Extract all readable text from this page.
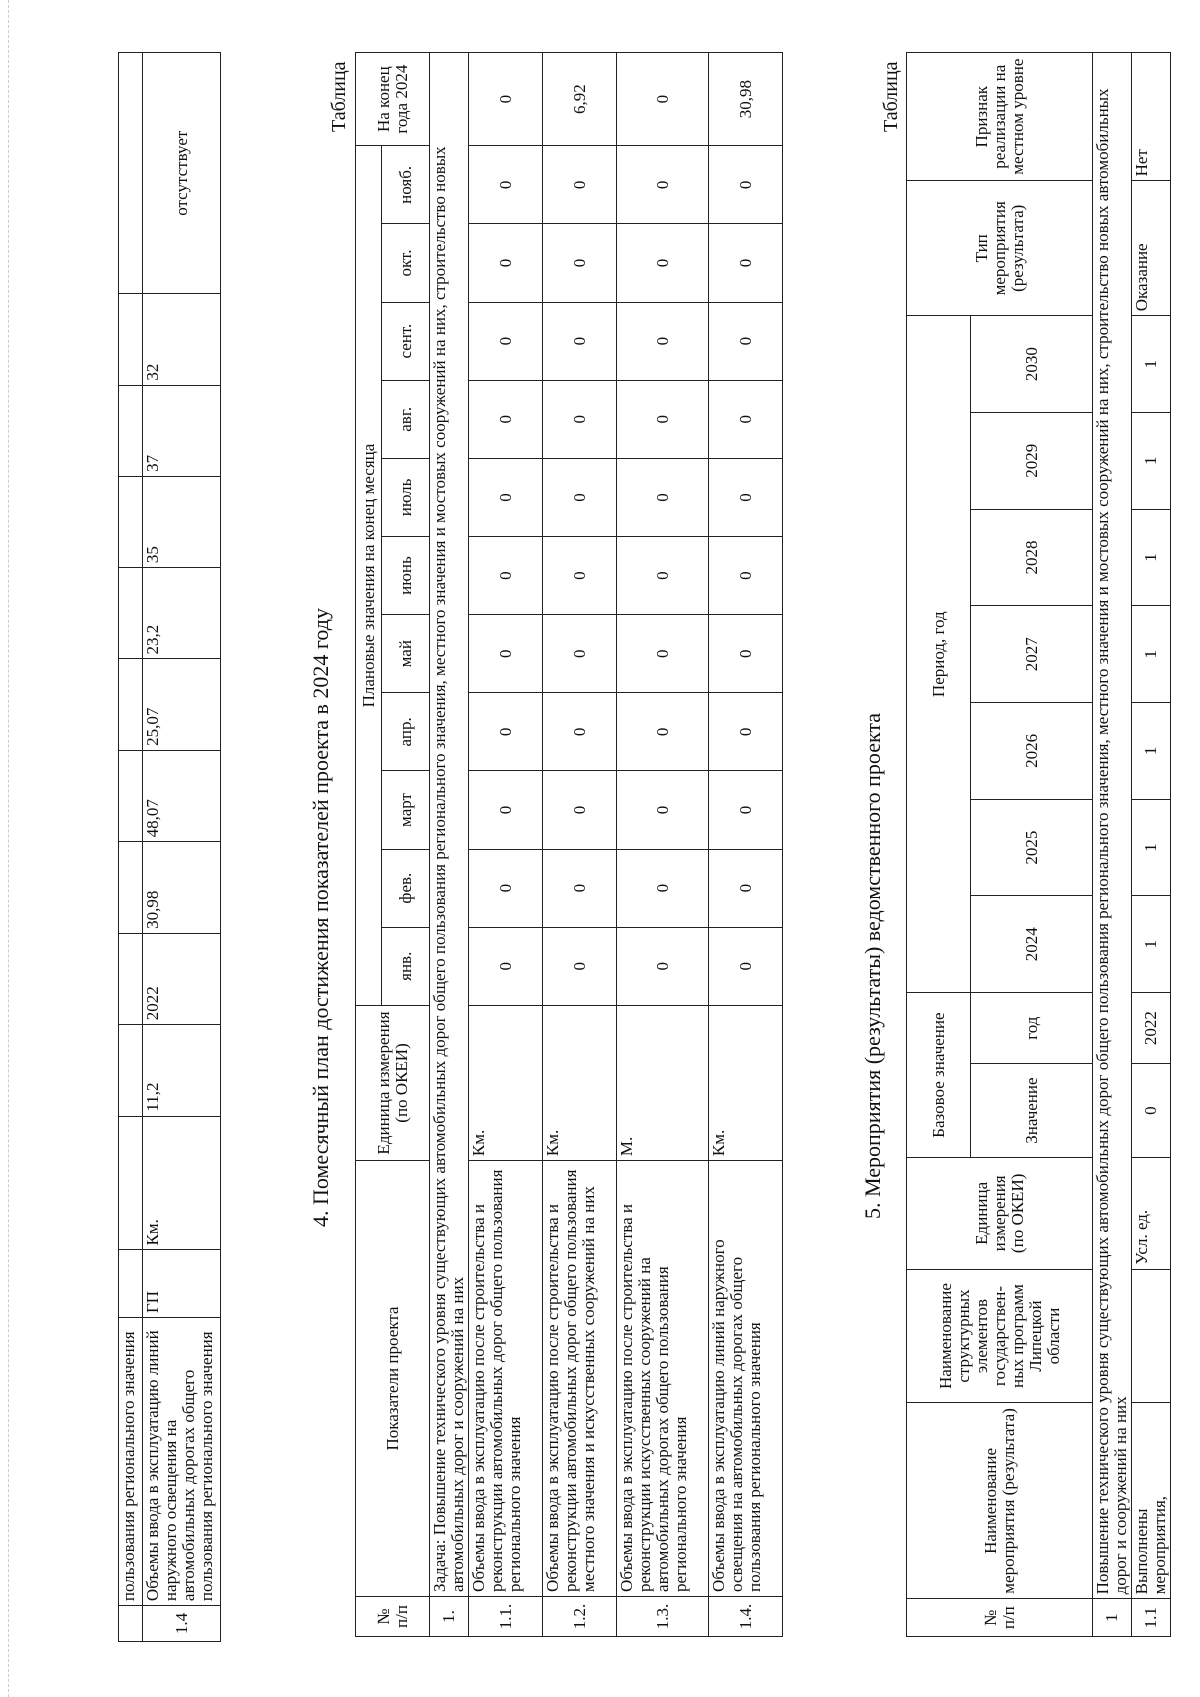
	пользования регионального значения												
1.4	Объемы ввода в эксплуатацию линий наружного освещения на автомобильных дорогах общего пользования регионального значения	ГП	Км.	11,2	2022	30,98	48,07	25,07	23,2	35	37	32	отсутствует
4. Помесячный план достижения показателей проекта в 2024 году
Таблица
№ п/п	Показатели проекта	Единица измерения (по ОКЕИ)	Плановые значения на конец месяца											На конец года 2024
			янв.	фев.	март	апр.	май	июнь	июль	авг.	сент.	окт.	нояб.	
1.	Задача: Повышение технического уровня существующих автомобильных дорог общего пользования регионального значения, местного значения и мостовых сооружений на них, строительство новых автомобильных дорог и сооружений на них													
1.1.	Объемы ввода в эксплуатацию после строительства и реконструкции автомобильных дорог общего пользования регионального значения	Км.	0	0	0	0	0	0	0	0	0	0	0	0
1.2.	Объемы ввода в эксплуатацию после строительства и реконструкции автомобильных дорог общего пользования местного значения и искусственных сооружений на них	Км.	0	0	0	0	0	0	0	0	0	0	0	6,92
1.3.	Объемы ввода в эксплуатацию после строительства и реконструкции искусственных сооружений на автомобильных дорогах общего пользования регионального значения	М.	0	0	0	0	0	0	0	0	0	0	0	0
1.4.	Объемы ввода в эксплуатацию линий наружного освещения на автомобильных дорогах общего пользования регионального значения	Км.	0	0	0	0	0	0	0	0	0	0	0	30,98
5. Мероприятия (результаты) ведомственного проекта
Таблица
№ п/п	Наименование мероприятия (результата)	Наименование структурных элементов государствен-ных программ Липецкой области	Единица измерения (по ОКЕИ)	Базовое значение		Период, год							Тип мероприятия (результата)	Признак реализации на местном уровне
				Значение	год	2024	2025	2026	2027	2028	2029	2030		
1	Повышение технического уровня существующих автомобильных дорог общего пользования регионального значения, местного значения и мостовых сооружений на них, строительство новых автомобильных дорог и сооружений на них													
1.1	Выполнены мероприятия,		Усл. ед.	0	2022	1	1	1	1	1	1	1	Оказание	Нет
